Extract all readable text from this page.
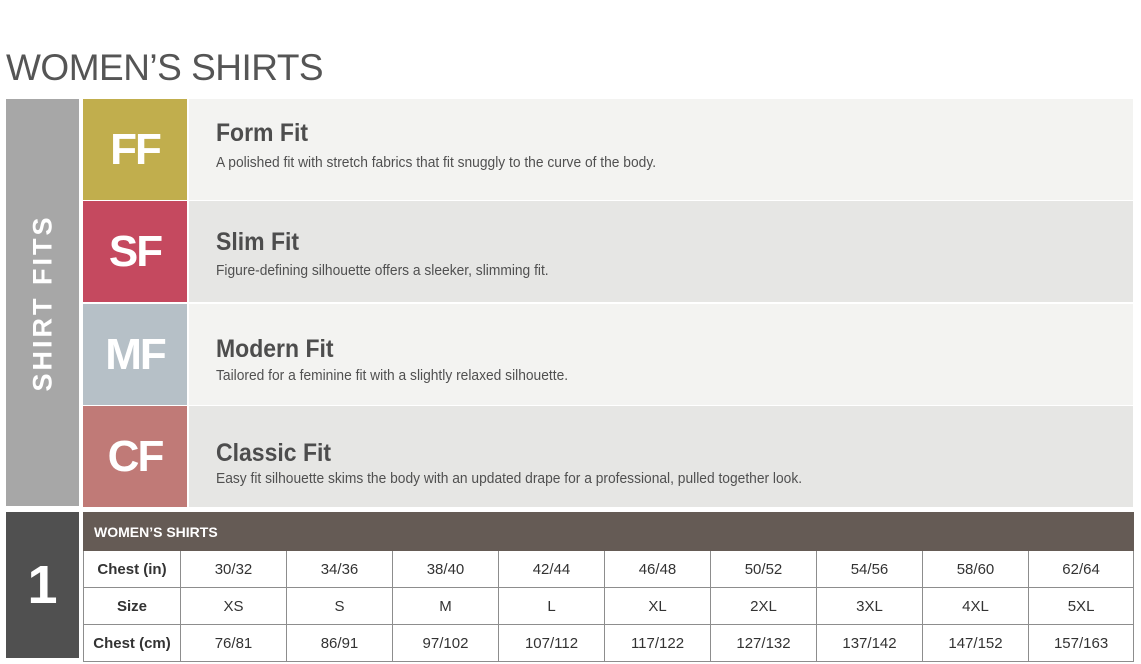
WOMEN’S SHIRTS
SHIRT FITS
FF	Form Fit
A polished fit with stretch fabrics that fit snuggly to the curve of the body.
SF	Slim Fit
Figure-defining silhouette offers a sleeker, slimming fit.
MF	Modern Fit
Tailored for a feminine fit with a slightly relaxed silhouette.
CF	Classic Fit
Easy fit silhouette skims the body with an updated drape for a professional, pulled together look.
1
WOMEN’S SHIRTS									
Chest (in)	30/32	34/36	38/40	42/44	46/48	50/52	54/56	58/60	62/64
Size	XS	S	M	L	XL	2XL	3XL	4XL	5XL
Chest (cm)	76/81	86/91	97/102	107/112	117/122	127/132	137/142	147/152	157/163
